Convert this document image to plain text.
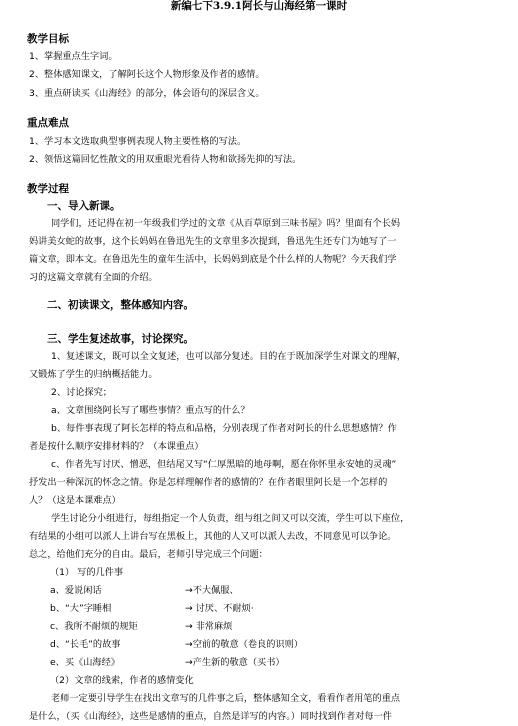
新编七下3.9.1阿长与山海经第一课时
教学目标
1、掌握重点生字词。
2、整体感知课文，了解阿长这个人物形象及作者的感情。
3、重点研读买《山海经》的部分，体会语句的深层含义。
重点难点
1、学习本文选取典型事例表现人物主要性格的写法。
2、领悟这篇回忆性散文的用双重眼光看待人物和欲扬先抑的写法。
教学过程
一、导入新课。
同学们，还记得在初一年级我们学过的文章《从百草原到三味书屋》吗？里面有个长妈
妈讲美女蛇的故事，这个长妈妈在鲁迅先生的文章里多次提到，鲁迅先生还专门为她写了一
篇文章，即本文。在鲁迅先生的童年生活中，长妈妈到底是个什么样的人物呢？今天我们学
习的这篇文章就有全面的介绍。
二、初读课文，整体感知内容。
三、学生复述故事，讨论探究。
1、复述课文，既可以全文复述，也可以部分复述。目的在于既加深学生对课文的理解，
又锻炼了学生的归纳概括能力。
2、讨论探究；
a、文章围绕阿长写了哪些事情？重点写的什么？
b、每件事表现了阿长怎样的特点和品格，分别表现了作者对阿长的什么思想感情？作
者是按什么顺序安排材料的？（本课重点）
c、作者先写讨厌、憎恶，但结尾又写“仁厚黑暗的地母啊，愿在你怀里永安她的灵魂”
抒发出一种深沉的怀念之情。你是怎样理解作者的感情的？在作者眼里阿长是一个怎样的
人？（这是本课难点）
学生讨论分小组进行，每组指定一个人负责，组与组之间又可以交流，学生可以下座位，
有结果的小组可以派人上讲台写在黑板上，其他的人又可以派人去改，不同意见可以争论。
总之，给他们充分的自由。最后，老师引导完成三个问题：
（1） 写的几件事
a、爱说闲话	→不大佩服、
b、“大”字睡相	→ 讨厌、不耐烦·
c、我所不耐烦的规矩	→ 非常麻烦
d、“长毛”的故事	→空前的敬意（卷良的识则）
e、买《山海经》	→产生新的敬意（买书）
（2）文章的线索，作者的感情变化
老师一定要引导学生在找出文章写的几件事之后，整体感知全文，看看作者用笔的重点
是什么，（买《山海经》，这些是感情的重点，自然是详写的内容。）同时找到作者对每一件
